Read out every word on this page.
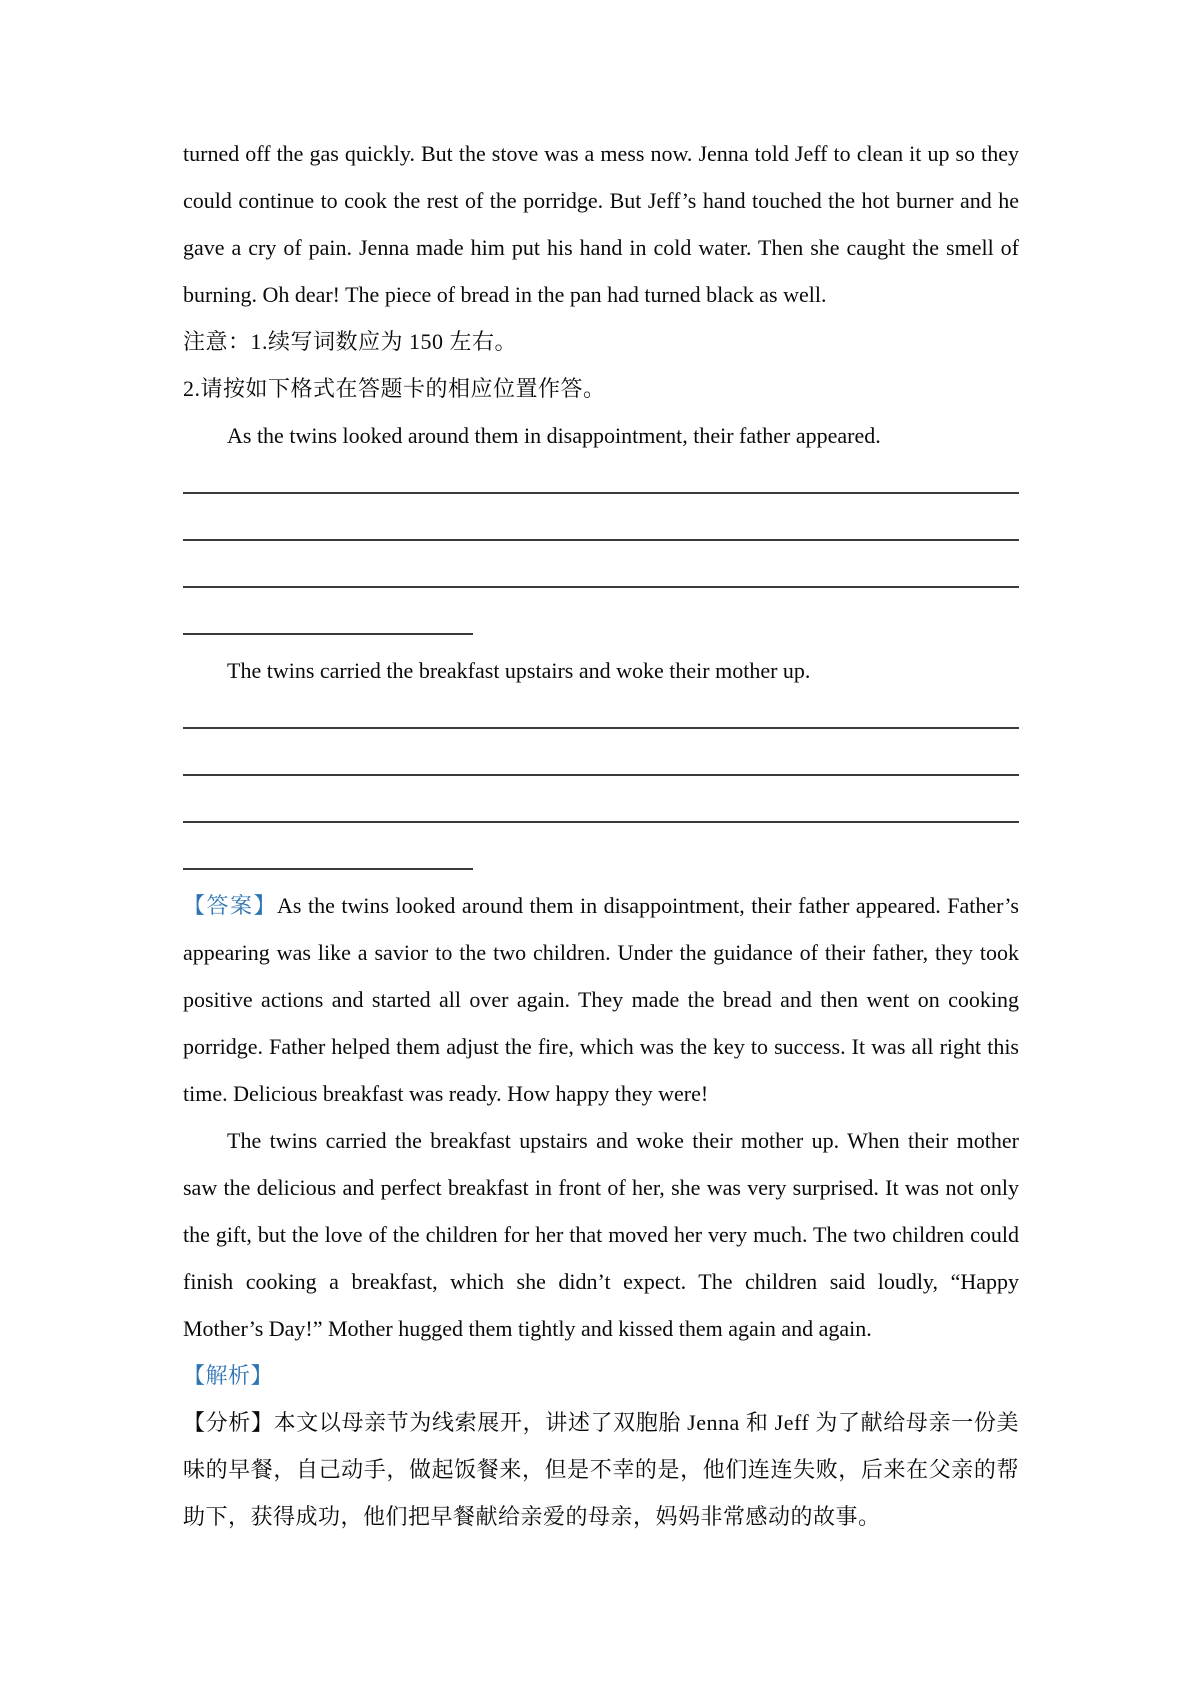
turned off the gas quickly. But the stove was a mess now. Jenna told Jeff to clean it up so they could continue to cook the rest of the porridge. But Jeff’s hand touched the hot burner and he gave a cry of pain. Jenna made him put his hand in cold water. Then she caught the smell of burning. Oh dear! The piece of bread in the pan had turned black as well.

注意：1.续写词数应为 150 左右。
2.请按如下格式在答题卡的相应位置作答。
As the twins looked around them in disappointment, their father appeared.
The twins carried the breakfast upstairs and woke their mother up.

【答案】As the twins looked around them in disappointment, their father appeared. Father’s appearing was like a savior to the two children. Under the guidance of their father, they took positive actions and started all over again. They made the bread and then went on cooking porridge. Father helped them adjust the fire, which was the key to success. It was all right this time. Delicious breakfast was ready. How happy they were!

The twins carried the breakfast upstairs and woke their mother up. When their mother saw the delicious and perfect breakfast in front of her, she was very surprised. It was not only the gift, but the love of the children for her that moved her very much. The two children could finish cooking a breakfast, which she didn’t expect. The children said loudly, “Happy Mother’s Day!” Mother hugged them tightly and kissed them again and again.

【解析】

【分析】本文以母亲节为线索展开，讲述了双胞胎 Jenna 和 Jeff 为了献给母亲一份美味的早餐，自己动手，做起饭餐来，但是不幸的是，他们连连失败，后来在父亲的帮助下，获得成功，他们把早餐献给亲爱的母亲，妈妈非常感动的故事。
